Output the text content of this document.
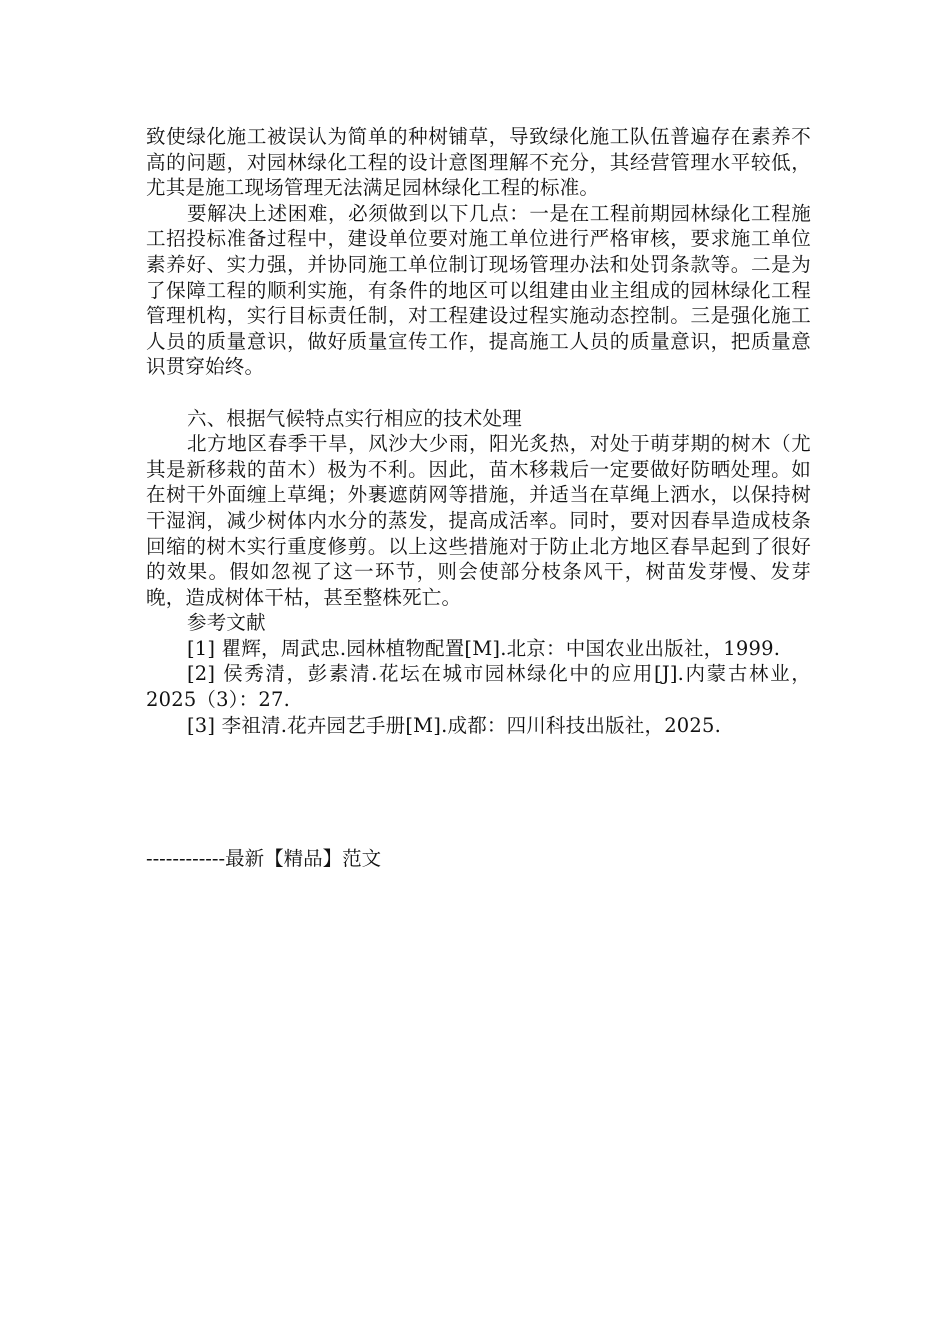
致使绿化施工被误认为简单的种树铺草，导致绿化施工队伍普遍存在素养不高的问题，对园林绿化工程的设计意图理解不充分，其经营管理水平较低，尤其是施工现场管理无法满足园林绿化工程的标准。

要解决上述困难，必须做到以下几点：一是在工程前期园林绿化工程施工招投标准备过程中，建设单位要对施工单位进行严格审核，要求施工单位素养好、实力强，并协同施工单位制订现场管理办法和处罚条款等。二是为了保障工程的顺利实施，有条件的地区可以组建由业主组成的园林绿化工程管理机构，实行目标责任制，对工程建设过程实施动态控制。三是强化施工人员的质量意识，做好质量宣传工作，提高施工人员的质量意识，把质量意识贯穿始终。

六、根据气候特点实行相应的技术处理

北方地区春季干旱，风沙大少雨，阳光炙热，对处于萌芽期的树木（尤其是新移栽的苗木）极为不利。因此，苗木移栽后一定要做好防晒处理。如在树干外面缠上草绳；外裹遮荫网等措施，并适当在草绳上洒水，以保持树干湿润，减少树体内水分的蒸发，提高成活率。同时，要对因春旱造成枝条回缩的树木实行重度修剪。以上这些措施对于防止北方地区春旱起到了很好的效果。假如忽视了这一环节，则会使部分枝条风干，树苗发芽慢、发芽晚，造成树体干枯，甚至整株死亡。

参考文献

[1] 瞿辉，周武忠.园林植物配置[M].北京：中国农业出版社，1999.

[2] 侯秀清，彭素清.花坛在城市园林绿化中的应用[J].内蒙古林业，2025（3）：27.

[3] 李祖清.花卉园艺手册[M].成都：四川科技出版社，2025.

------------最新【精品】范文
